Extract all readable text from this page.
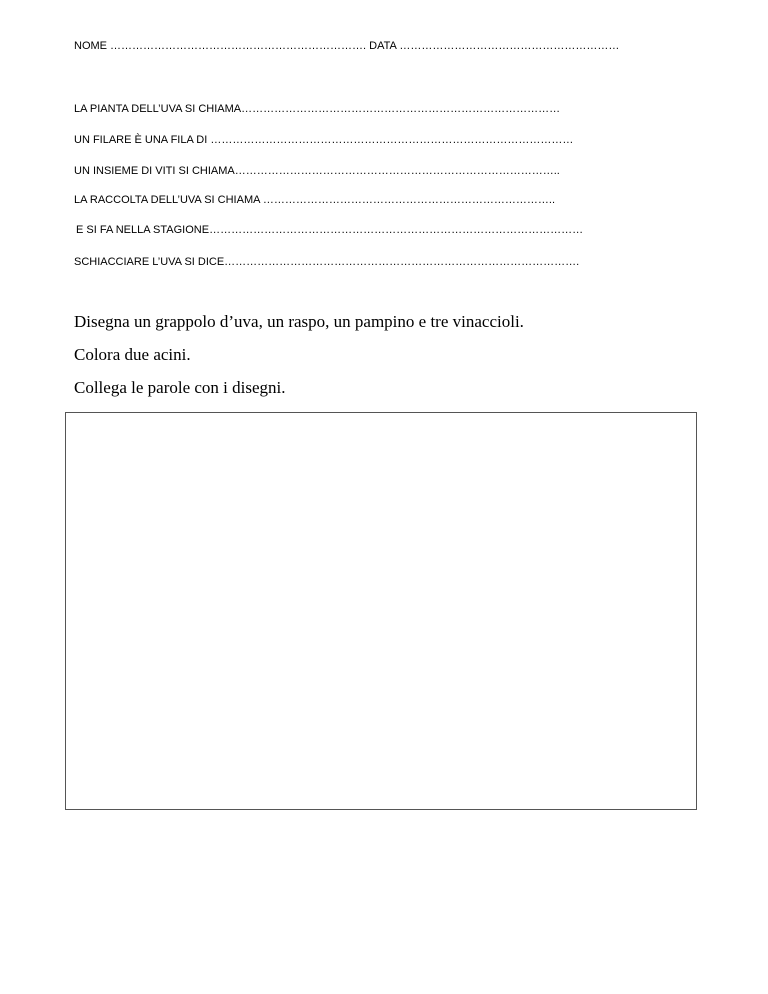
NOME ……………………………………………………………. DATA ……………………………………………………
LA PIANTA DELL’UVA SI CHIAMA……………………………………………………………………………
UN FILARE È UNA FILA DI ………………………………………………………………………………………
UN INSIEME DI VITI SI CHIAMA……………………………………………………………………………..
LA RACCOLTA DELL’UVA SI CHIAMA ……………………………………………………………………..
E SI FA NELLA STAGIONE…………………………………………………………………………………………
SCHIACCIARE L’UVA SI DICE…………………………………………………………………………………….
Disegna un grappolo d’uva, un raspo, un pampino e tre vinaccioli.
Colora due acini.
Collega le parole con i disegni.
